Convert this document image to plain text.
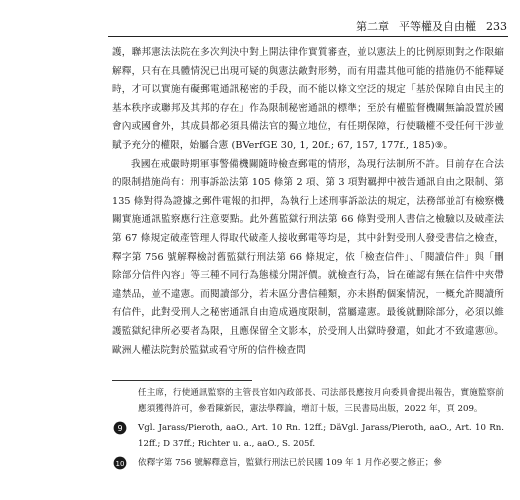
第二章 平等權及自由權 233

護，聯邦憲法法院在多次判決中對上開法律作實質審查，並以憲法上的比例原則對之作限縮解釋，只有在具體情況已出現可疑的與憲法敵對形勢，而有用盡其他可能的措施仍不能釋疑時，才可以實施有礙郵電通訊秘密的手段，而不能以條文空泛的規定「基於保障自由民主的基本秩序或聯邦及其邦的存在」作為限制秘密通訊的標準；至於有權監督機關無論設置於國會內或國會外，其成員都必須具備法官的獨立地位，有任期保障，行使職權不受任何干涉並賦予充分的權限，始屬合憲 (BVerfGE 30, 1, 20f.; 67, 157, 177f., 185)⑨。

我國在戒嚴時期軍事警備機關隨時檢查郵電的情形，為現行法制所不許。目前存在合法的限制措施尚有：刑事訴訟法第 105 條第 2 項、第 3 項對羈押中被告通訊自由之限制、第 135 條對得為證據之郵件電報的扣押，為執行上述刑事訴訟法的規定，法務部並訂有檢察機關實施通訊監察應行注意要點。此外舊監獄行刑法第 66 條對受刑人書信之檢驗以及破產法第 67 條規定破產管理人得取代破產人接收郵電等均是，其中針對受刑人發受書信之檢查，釋字第 756 號解釋檢討舊監獄行刑法第 66 條規定，依「檢查信件」、「閱讀信件」與「刪除部分信件內容」等三種不同行為態樣分開評價。就檢查行為，旨在確認有無在信件中夾帶違禁品，並不違憲。而閱讀部分，若未區分書信種類，亦未斟酌個案情況，一概允許閱讀所有信件，此對受刑人之秘密通訊自由造成過度限制，當屬違憲。最後就刪除部分，必須以維護監獄紀律所必要者為限，且應保留全文影本，於受刑人出獄時發還，如此才不致違憲⑩。歐洲人權法院對於監獄或看守所的信件檢查問

任主席，行使通訊監察的主管長官如內政部長、司法部長應按月向委員會提出報告，實施監察前應須獲得許可，參看陳新民，憲法學釋論，增訂十版，三民書局出版，2022 年，頁 209。

9 Vgl. Jarass/Pieroth, aaO., Art. 10 Rn. 12ff.; DäVgl. Jarass/Pieroth, aaO., Art. 10 Rn. 12ff.; D 37ff.; Richter u. a., aaO., S. 205f.
10 依釋字第 756 號解釋意旨，監獄行刑法已於民國 109 年 1 月作必要之修正；參
